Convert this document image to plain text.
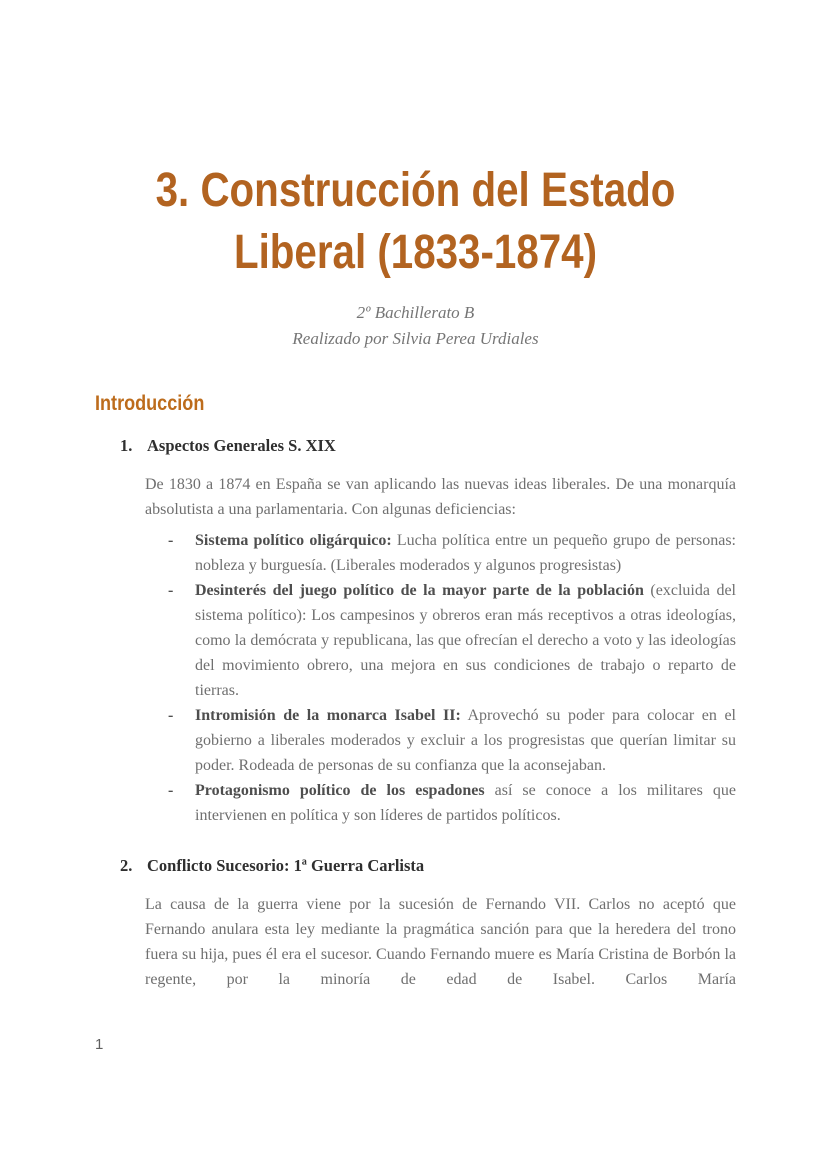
3. Construcción del Estado
Liberal (1833-1874)
2º Bachillerato B
Realizado por Silvia Perea Urdiales
Introducción
1. Aspectos Generales S. XIX

De 1830 a 1874 en España se van aplicando las nuevas ideas liberales. De una monarquía absolutista a una parlamentaria. Con algunas deficiencias:

-	Sistema político oligárquico: Lucha política entre un pequeño grupo de personas: nobleza y burguesía. (Liberales moderados y algunos progresistas)

-	Desinterés del juego político de la mayor parte de la población (excluida del sistema político): Los campesinos y obreros eran más receptivos a otras ideologías, como la demócrata y republicana, las que ofrecían el derecho a voto y las ideologías del movimiento obrero, una mejora en sus condiciones de trabajo o reparto de tierras.

-	Intromisión de la monarca Isabel II: Aprovechó su poder para colocar en el gobierno a liberales moderados y excluir a los progresistas que querían limitar su poder. Rodeada de personas de su confianza que la aconsejaban.

-	Protagonismo político de los espadones así se conoce a los militares que intervienen en política y son líderes de partidos políticos.

2. Conflicto Sucesorio: 1ª Guerra Carlista

La causa de la guerra viene por la sucesión de Fernando VII. Carlos no aceptó que Fernando anulara esta ley mediante la pragmática sanción para que la heredera del trono fuera su hija, pues él era el sucesor. Cuando Fernando muere es María Cristina de Borbón la regente, por la minoría de edad de Isabel. Carlos María

1
